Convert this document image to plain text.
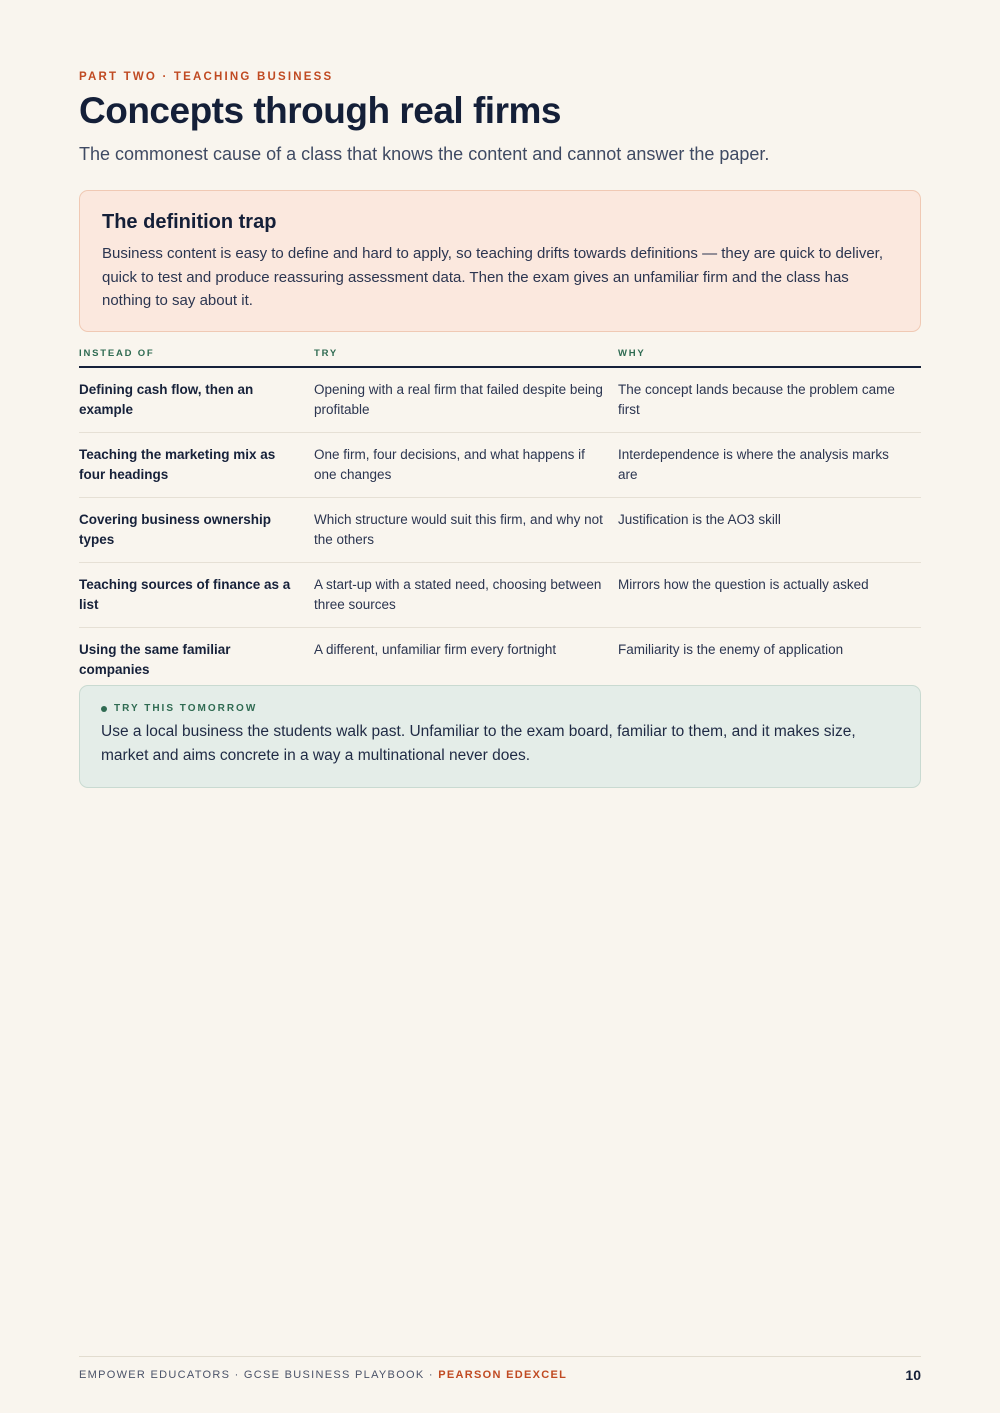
PART TWO · TEACHING BUSINESS
Concepts through real firms

The commonest cause of a class that knows the content and cannot answer the paper.

The definition trap

Business content is easy to define and hard to apply, so teaching drifts towards definitions — they are quick to deliver, quick to test and produce reassuring assessment data. Then the exam gives an unfamiliar firm and the class has nothing to say about it.

INSTEAD OF	TRY	WHY
Defining cash flow, then an example	Opening with a real firm that failed despite being profitable	The concept lands because the problem came first
Teaching the marketing mix as four headings	One firm, four decisions, and what happens if one changes	Interdependence is where the analysis marks are
Covering business ownership types	Which structure would suit this firm, and why not the others	Justification is the AO3 skill
Teaching sources of finance as a list	A start-up with a stated need, choosing between three sources	Mirrors how the question is actually asked
Using the same familiar companies	A different, unfamiliar firm every fortnight	Familiarity is the enemy of application
TRY THIS TOMORROW

Use a local business the students walk past. Unfamiliar to the exam board, familiar to them, and it makes size, market and aims concrete in a way a multinational never does.

EMPOWER EDUCATORS · GCSE BUSINESS PLAYBOOK · PEARSON EDEXCEL	10
